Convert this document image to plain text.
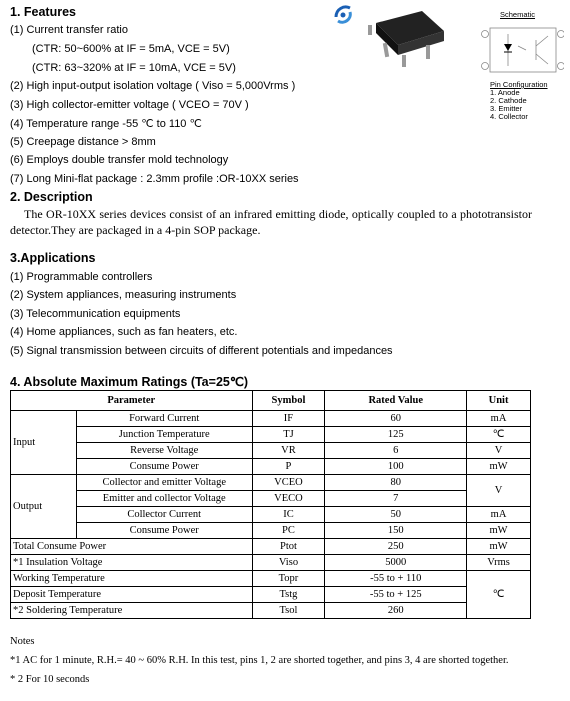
1. Features
(1) Current transfer ratio
(CTR: 50~600% at IF = 5mA, VCE = 5V)
(CTR: 63~320% at IF = 10mA, VCE = 5V)
(2) High input-output isolation voltage ( Viso = 5,000Vrms )
(3) High collector-emitter voltage ( VCEO = 70V )
(4) Temperature range -55 ℃ to 110 ℃
(5) Creepage distance > 8mm
(6) Employs double transfer mold technology
(7) Long Mini-flat package : 2.3mm profile :OR-10XX series
Schematic
Pin Configuration
1. Anode
2. Cathode
3. Emitter
4. Collector
2. Description
The OR-10XX series devices consist of an infrared emitting diode, optically coupled to a phototransistor detector.They are packaged in a 4-pin SOP package.
3.Applications
(1) Programmable controllers
(2) System appliances, measuring instruments
(3) Telecommunication equipments
(4) Home appliances, such as fan heaters, etc.
(5) Signal transmission between circuits of different potentials and impedances
4. Absolute Maximum Ratings (Ta=25℃)
Parameter		Symbol	Rated Value	Unit
Input	Forward Current	IF	60	mA
	Junction Temperature	TJ	125	℃
	Reverse Voltage	VR	6	V
	Consume Power	P	100	mW
Output	Collector and emitter Voltage	VCEO	80	V
	Emitter and collector Voltage	VECO	7	
	Collector Current	IC	50	mA
	Consume Power	PC	150	mW
Total Consume Power		Ptot	250	mW
*1 Insulation Voltage		Viso	5000	Vrms
Working Temperature		Topr	-55 to + 110	℃
Deposit Temperature		Tstg	-55 to + 125	
*2 Soldering Temperature		Tsol	260	
Notes
*1 AC for 1 minute, R.H.= 40 ~ 60% R.H. In this test, pins 1, 2 are shorted together, and pins 3, 4 are shorted together.
* 2 For 10 seconds
